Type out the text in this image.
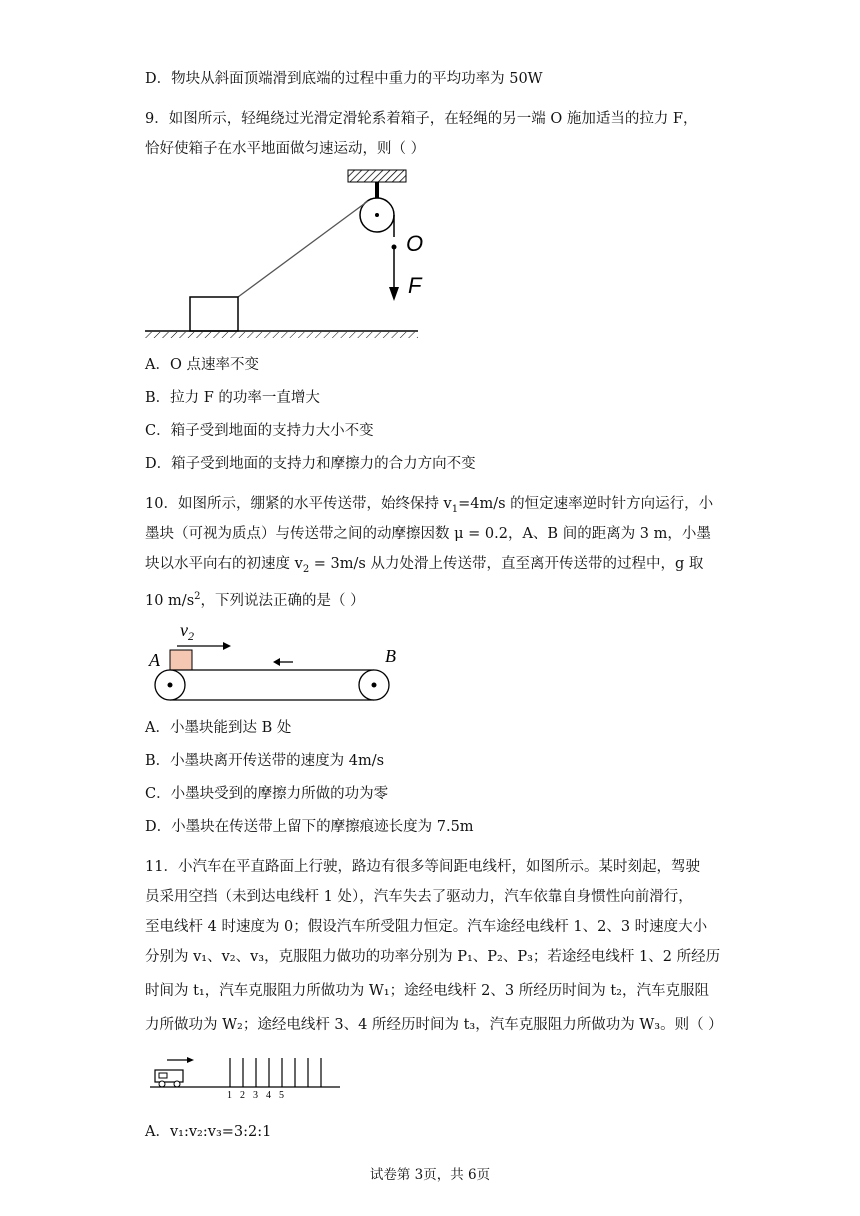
D．物块从斜面顶端滑到底端的过程中重力的平均功率为 50W
9．如图所示，轻绳绕过光滑定滑轮系着箱子，在轻绳的另一端 O 施加适当的拉力 F，
恰好使箱子在水平地面做匀速运动，则（ ）
O
F
A．O 点速率不变
B．拉力 F 的功率一直增大
C．箱子受到地面的支持力大小不变
D．箱子受到地面的支持力和摩擦力的合力方向不变
10．如图所示，绷紧的水平传送带，始终保持 $v_1=4m/s$ 的恒定速率逆时针方向运行，小
墨块（可视为质点）与传送带之间的动摩擦因数 μ = 0.2，A、B 间的距离为 3 m，小墨
块以水平向右的初速度 $v_2 = 3m/s$ 从力处滑上传送带，直至离开传送带的过程中，g 取
10 $m/s^2$，下列说法正确的是（ ）
$v_2$
A	B
A．小墨块能到达 B 处
B．小墨块离开传送带的速度为 4m/s
C．小墨块受到的摩擦力所做的功为零
D．小墨块在传送带上留下的摩擦痕迹长度为 7.5m
11．小汽车在平直路面上行驶，路边有很多等间距电线杆，如图所示。某时刻起，驾驶
员采用空挡（未到达电线杆 1 处），汽车失去了驱动力，汽车依靠自身惯性向前滑行，
至电线杆 4 时速度为 0；假设汽车所受阻力恒定。汽车途经电线杆 1、2、3 时速度大小
分别为 v₁、v₂、v₃，克服阻力做功的功率分别为 P₁、P₂、P₃；若途经电线杆 1、2 所经历
时间为 t₁，汽车克服阻力所做功为 W₁；途经电线杆 2、3 所经历时间为 t₂，汽车克服阻
力所做功为 W₂；途经电线杆 3、4 所经历时间为 t₃，汽车克服阻力所做功为 W₃。则（ ）
1 2 3 4 5
A．v₁:v₂:v₃=3:2:1
试卷第 3页，共 6页
